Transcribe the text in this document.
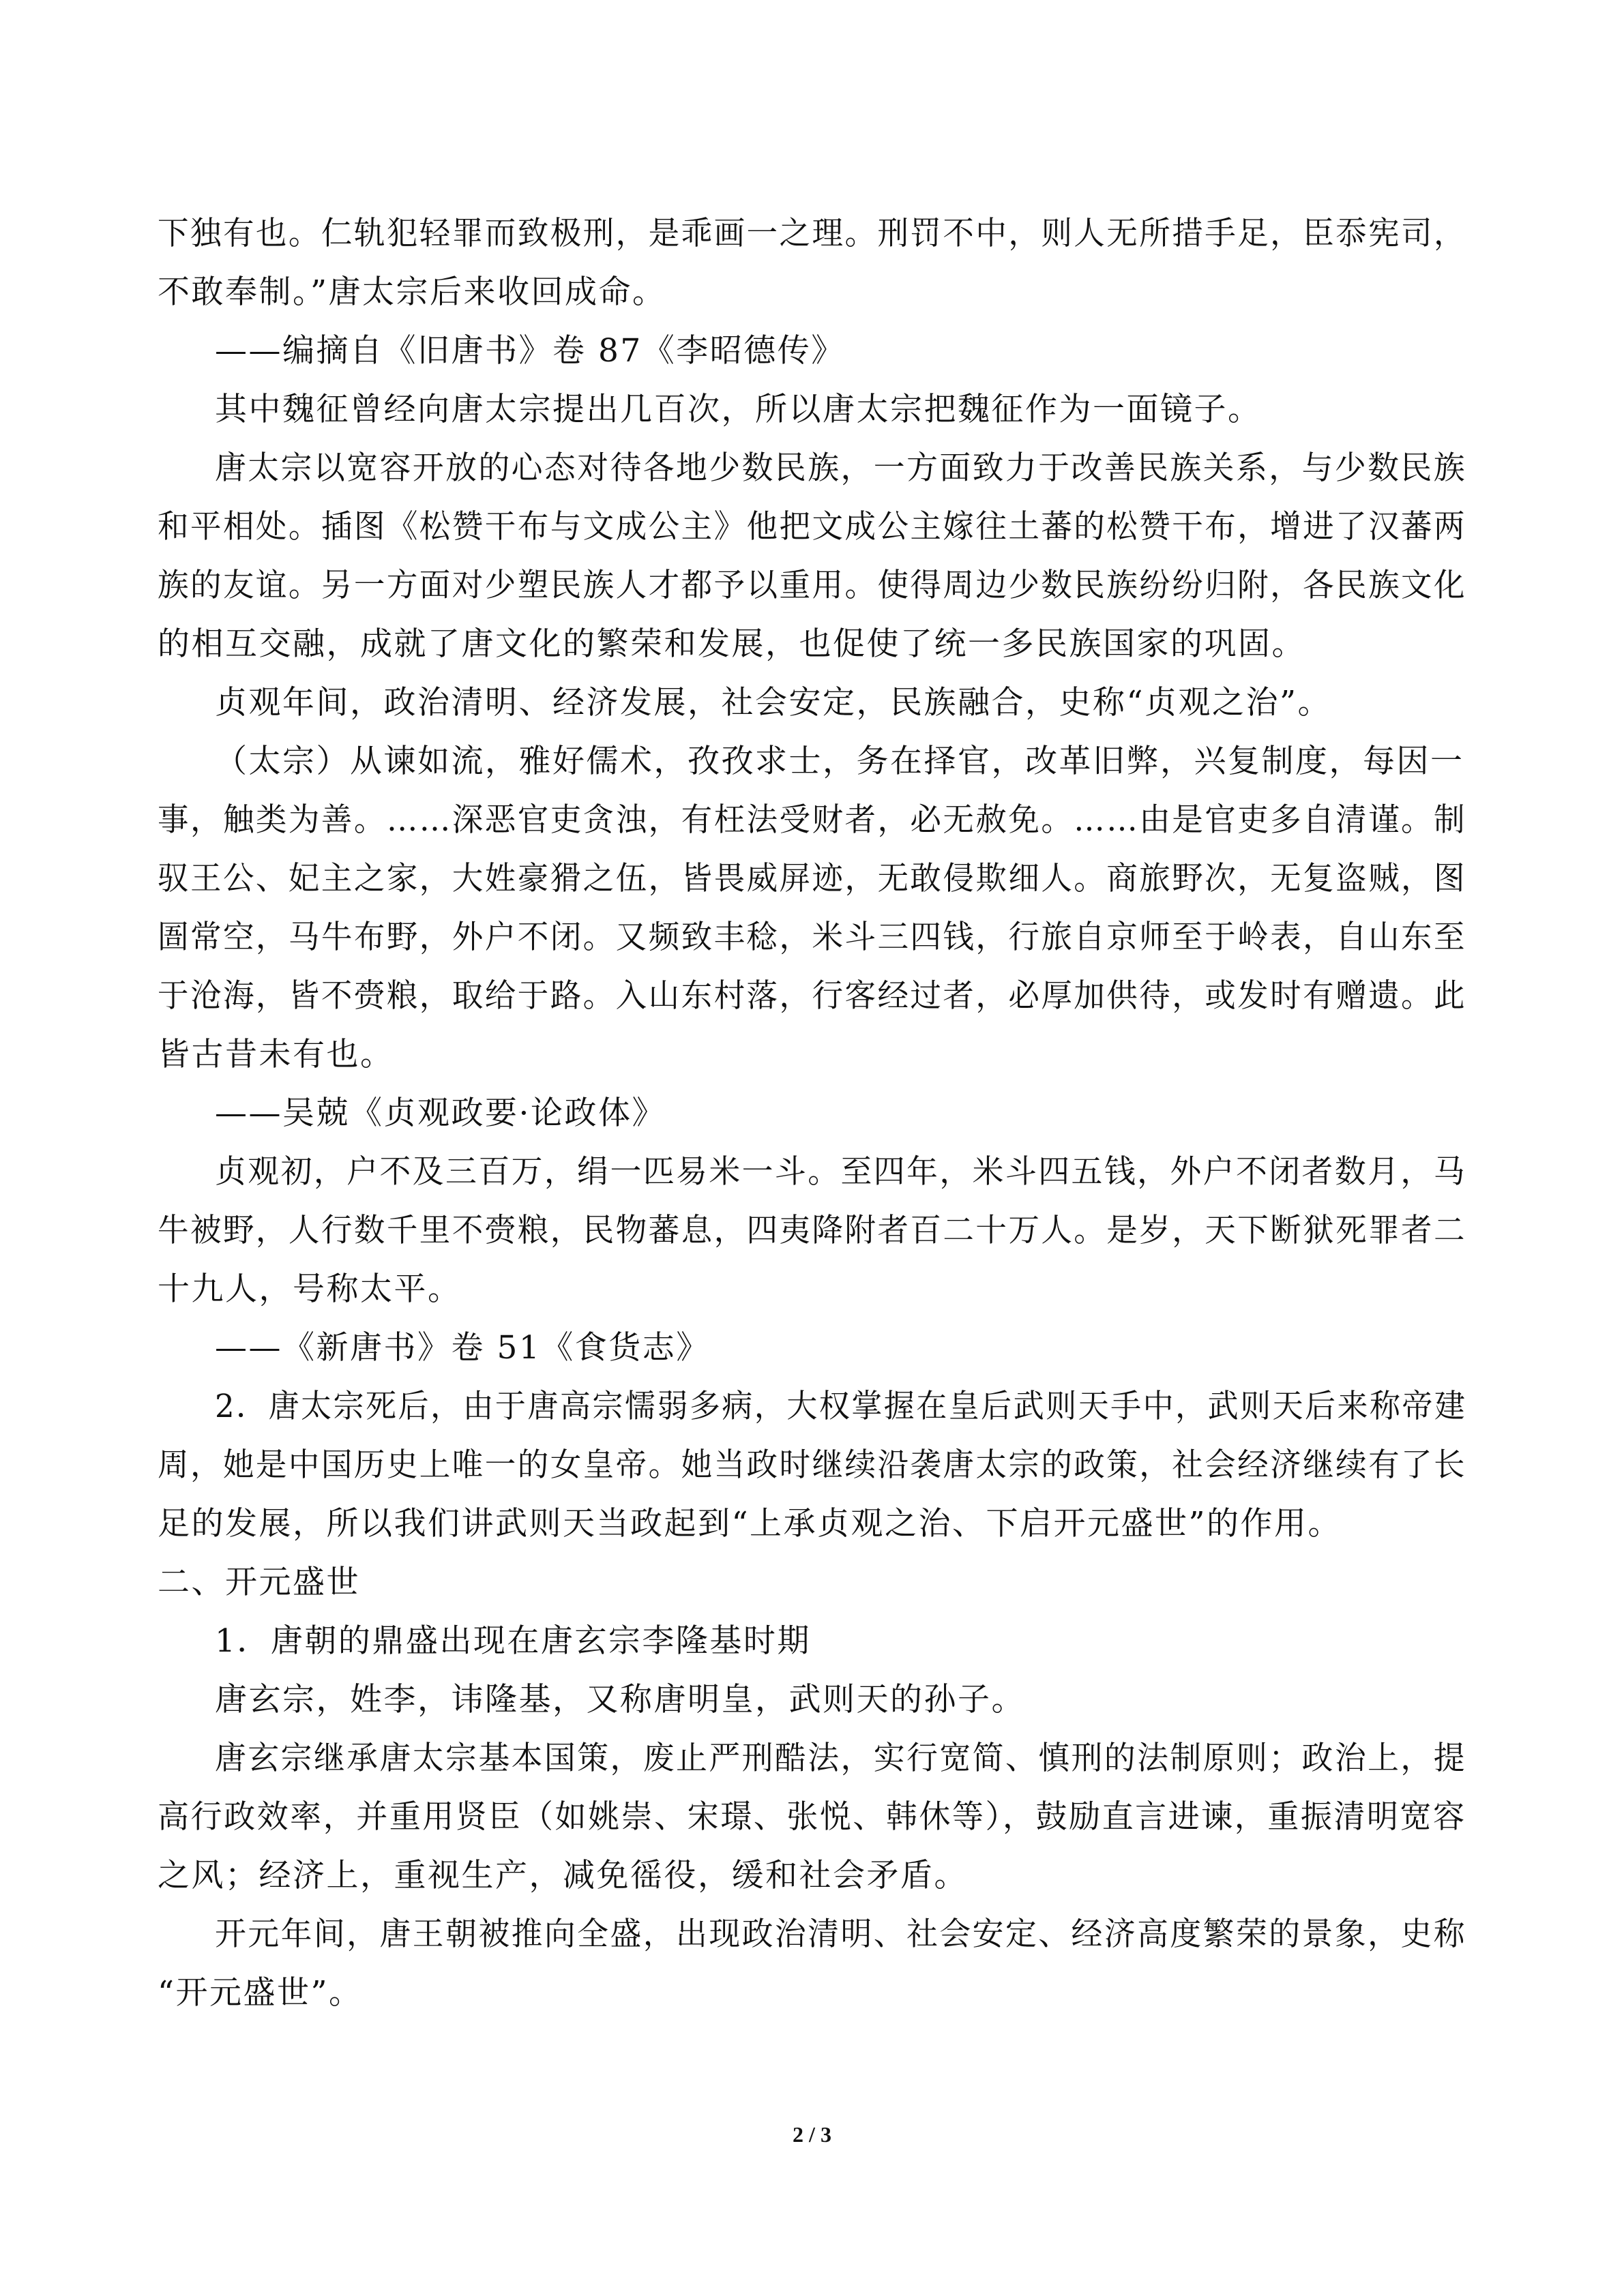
下独有也。仁轨犯轻罪而致极刑，是乖画一之理。刑罚不中，则人无所措手足，臣忝宪司，
不敢奉制。”唐太宗后来收回成命。
——编摘自《旧唐书》卷 87《李昭德传》
其中魏征曾经向唐太宗提出几百次，所以唐太宗把魏征作为一面镜子。
唐太宗以宽容开放的心态对待各地少数民族，一方面致力于改善民族关系，与少数民族
和平相处。插图《松赞干布与文成公主》他把文成公主嫁往土蕃的松赞干布，增进了汉蕃两
族的友谊。另一方面对少塑民族人才都予以重用。使得周边少数民族纷纷归附，各民族文化
的相互交融，成就了唐文化的繁荣和发展，也促使了统一多民族国家的巩固。
贞观年间，政治清明、经济发展，社会安定，民族融合，史称“贞观之治”。
（太宗）从谏如流，雅好儒术，孜孜求士，务在择官，改革旧弊，兴复制度，每因一
事，触类为善。……深恶官吏贪浊，有枉法受财者，必无赦免。……由是官吏多自清谨。制
驭王公、妃主之家，大姓豪猾之伍，皆畏威屏迹，无敢侵欺细人。商旅野次，无复盗贼，图
圄常空，马牛布野，外户不闭。又频致丰稔，米斗三四钱，行旅自京师至于岭表，自山东至
于沧海，皆不赍粮，取给于路。入山东村落，行客经过者，必厚加供待，或发时有赠遗。此
皆古昔未有也。
——吴兢《贞观政要·论政体》
贞观初，户不及三百万，绢一匹易米一斗。至四年，米斗四五钱，外户不闭者数月，马
牛被野，人行数千里不赍粮，民物蕃息，四夷降附者百二十万人。是岁，天下断狱死罪者二
十九人，号称太平。
——《新唐书》卷 51《食货志》
2．唐太宗死后，由于唐高宗懦弱多病，大权掌握在皇后武则天手中，武则天后来称帝建
周，她是中国历史上唯一的女皇帝。她当政时继续沿袭唐太宗的政策，社会经济继续有了长
足的发展，所以我们讲武则天当政起到“上承贞观之治、下启开元盛世”的作用。
二、开元盛世
1．唐朝的鼎盛出现在唐玄宗李隆基时期
唐玄宗，姓李，讳隆基，又称唐明皇，武则天的孙子。
唐玄宗继承唐太宗基本国策，废止严刑酷法，实行宽简、慎刑的法制原则；政治上，提
高行政效率，并重用贤臣（如姚崇、宋璟、张悦、韩休等），鼓励直言进谏，重振清明宽容
之风；经济上，重视生产，减免徭役，缓和社会矛盾。
开元年间，唐王朝被推向全盛，出现政治清明、社会安定、经济高度繁荣的景象，史称
“开元盛世”。
2 / 3
